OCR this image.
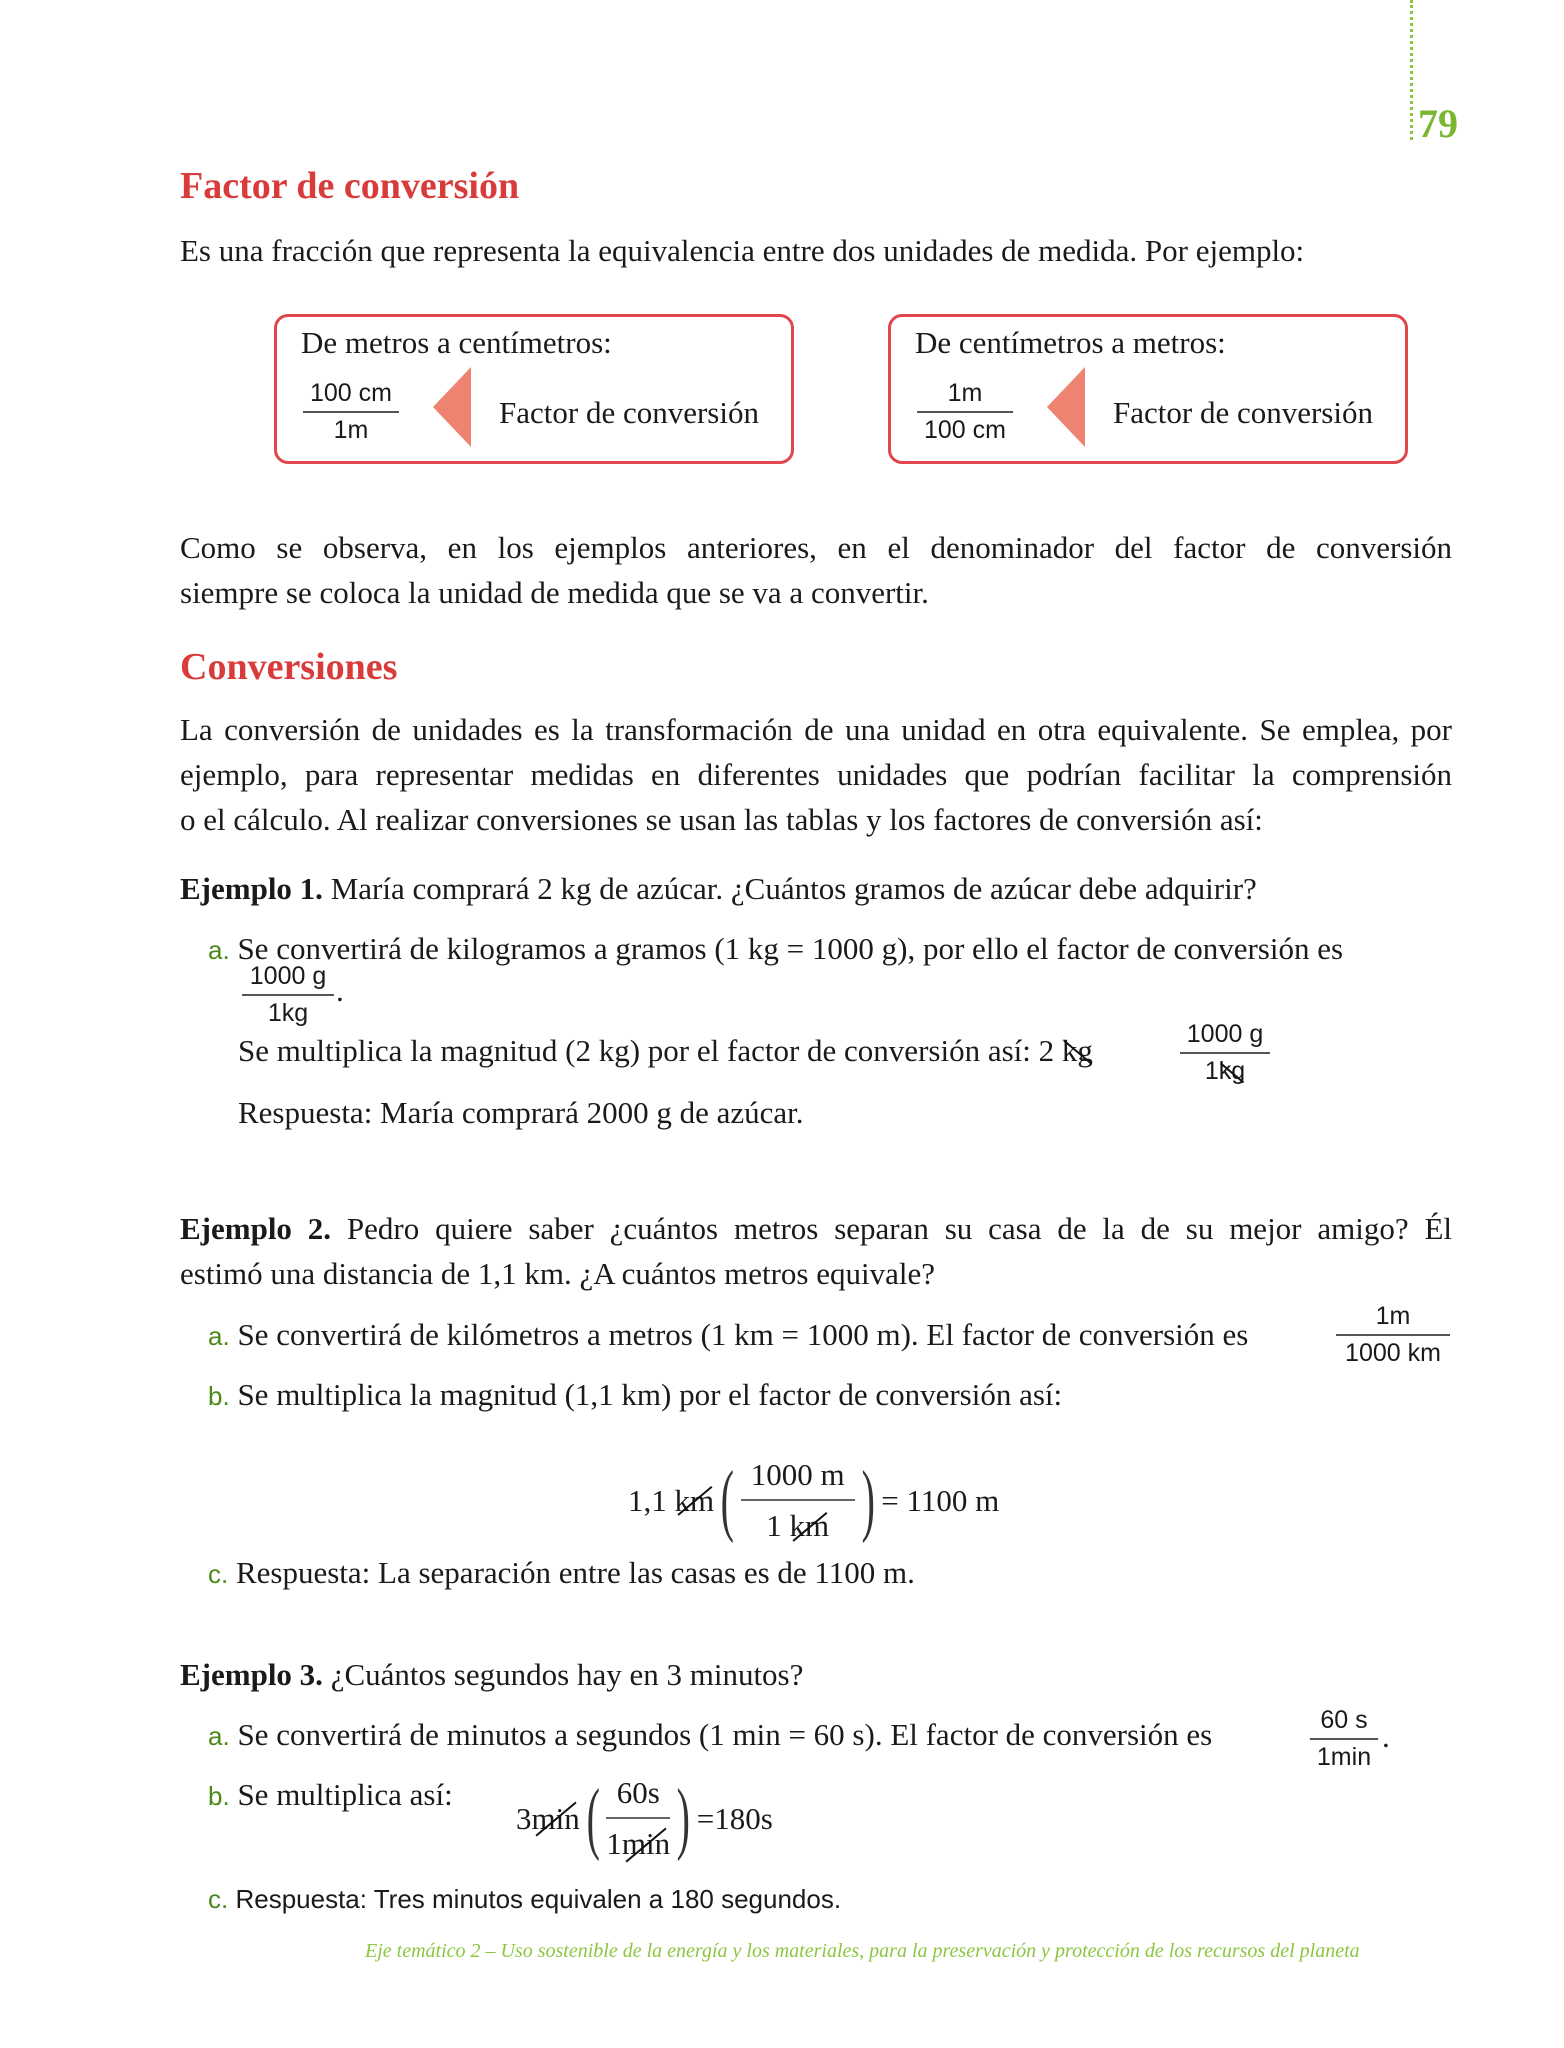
79
Factor de conversión
Es una fracción que representa la equivalencia entre dos unidades de medida. Por ejemplo:
De metros a centímetros:
$\frac{100 cm}{1m}$	Factor de conversión
De centímetros a metros:
$\frac{1m}{100 cm}$	Factor de conversión
Como se observa, en los ejemplos anteriores, en el denominador del factor de conversión
siempre se coloca la unidad de medida que se va a convertir.
Conversiones
La conversión de unidades es la transformación de una unidad en otra equivalente. Se emplea, por
ejemplo, para representar medidas en diferentes unidades que podrían facilitar la comprensión
o el cálculo. Al realizar conversiones se usan las tablas y los factores de conversión así:
Ejemplo 1. María comprará 2 kg de azúcar. ¿Cuántos gramos de azúcar debe adquirir?
a. Se convertirá de kilogramos a gramos (1 kg = 1000 g), por ello el factor de conversión es
$\frac{1000 g}{1kg}$ .
Se multiplica la magnitud (2 kg) por el factor de conversión así: 2 kg	$\frac{1000 g}{1kg}$
Respuesta: María comprará 2000 g de azúcar.
Ejemplo 2. Pedro quiere saber ¿cuántos metros separan su casa de la de su mejor amigo? Él
estimó una distancia de 1,1 km. ¿A cuántos metros equivale?
a. Se convertirá de kilómetros a metros (1 km = 1000 m). El factor de conversión es	$\frac{1m}{1000 km}$
b. Se multiplica la magnitud (1,1 km) por el factor de conversión así:
1,1
km ( $\frac{1000 m}{1 km}$ ) = 1100 m
c. Respuesta: La separación entre las casas es de 1100 m.
Ejemplo 3. ¿Cuántos segundos hay en 3 minutos?
a. Se convertirá de minutos a segundos (1 min = 60 s). El factor de conversión es	60 s
1min
.
b. Se multiplica así:
3 min ( $\frac{60s}{1\min}$ ) =180s
c. Respuesta: Tres minutos equivalen a 180 segundos.
Eje temático 2 – Uso sostenible de la energía y los materiales, para la preservación y protección de los recursos del planeta
